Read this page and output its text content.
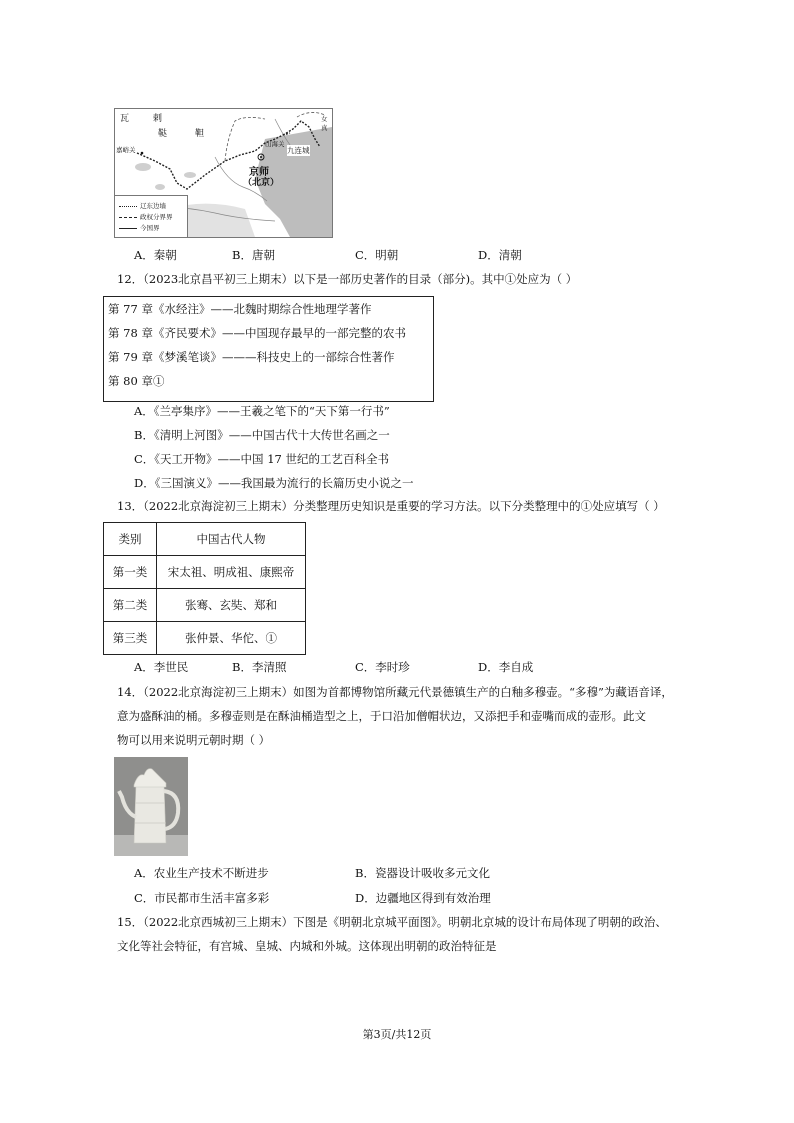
瓦	剌
鞑	靼
嘉峪关
山海关
九连城
女
真
京师
（北京）
辽东边墙
政权分界界
今国界
A．秦朝	B．唐朝	C．明朝	D．清朝
12．（2023北京昌平初三上期末）以下是一部历史著作的目录（部分)。其中①处应为（ ）
第 77 章《水经注》——北魏时期综合性地理学著作
第 78 章《齐民要术》——中国现存最早的一部完整的农书
第 79 章《梦溪笔谈》———科技史上的一部综合性著作
第 80 章①
A．《兰亭集序》——王羲之笔下的“天下第一行书”
B．《清明上河图》——中国古代十大传世名画之一
C．《天工开物》——中国 17 世纪的工艺百科全书
D．《三国演义》——我国最为流行的长篇历史小说之一
13．（2022北京海淀初三上期末）分类整理历史知识是重要的学习方法。以下分类整理中的①处应填写（ ）
类别	中国古代人物
第一类	宋太祖、明成祖、康熙帝
第二类	张骞、玄奘、郑和
第三类	张仲景、华佗、①
A．李世民	B．李清照	C．李时珍	D．李自成
14．（2022北京海淀初三上期末）如图为首都博物馆所藏元代景德镇生产的白釉多穆壶。“多穆”为藏语音译，
意为盛酥油的桶。多穆壶则是在酥油桶造型之上，于口沿加僧帽状边，又添把手和壶嘴而成的壶形。此文
物可以用来说明元朝时期（ ）
A．农业生产技术不断进步	B．瓷器设计吸收多元文化
C．市民都市生活丰富多彩	D．边疆地区得到有效治理
15．（2022北京西城初三上期末）下图是《明朝北京城平面图》。明朝北京城的设计布局体现了明朝的政治、
文化等社会特征，有宫城、皇城、内城和外城。这体现出明朝的政治特征是
第3页/共12页
